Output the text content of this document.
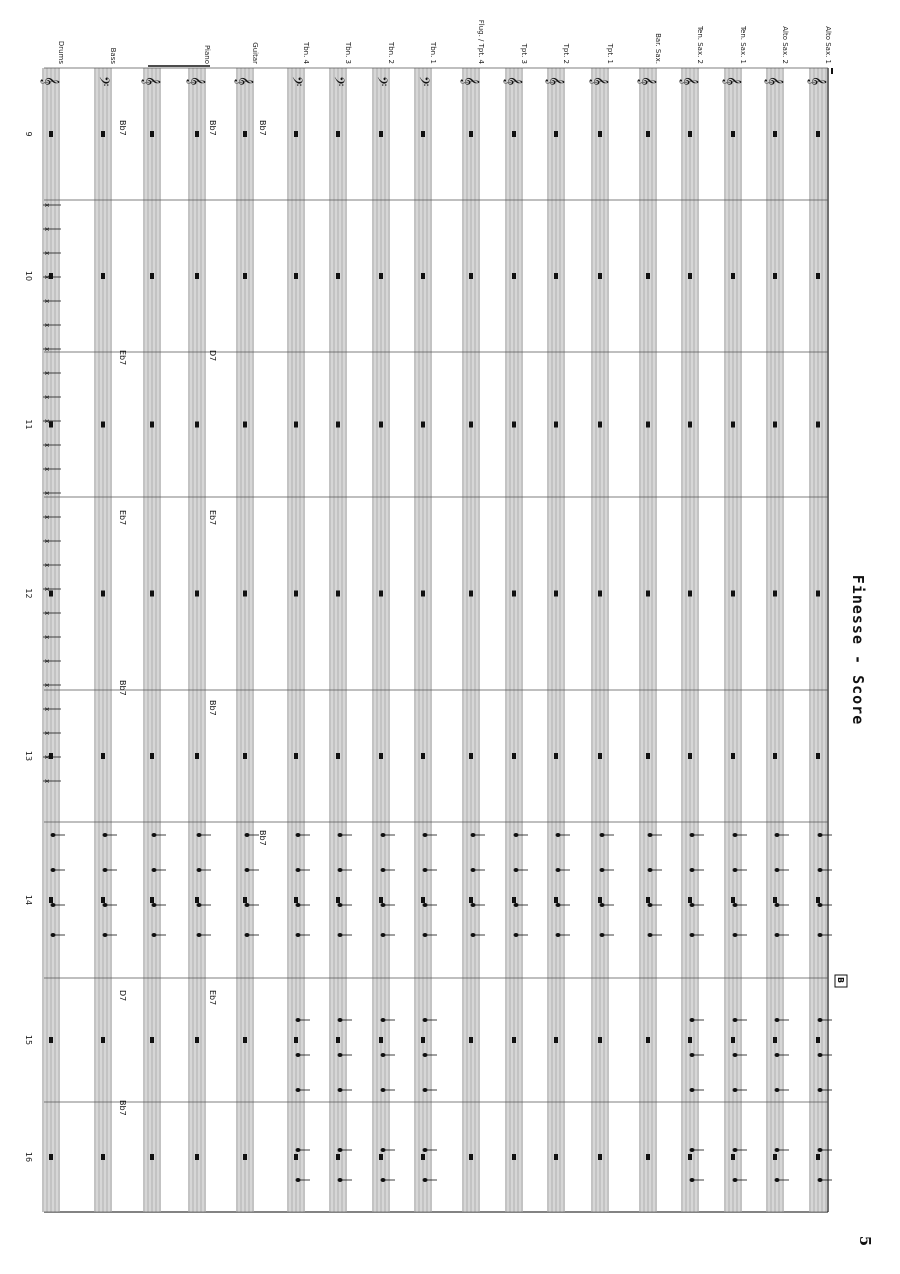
𝄞
Alto Sax. 1
𝄞
Alto Sax. 2
𝄞
Ten. Sax. 1
𝄞
Ten. Sax. 2
𝄞
Bar. Sax.
𝄞
Tpt. 1
𝄞
Tpt. 2
𝄞
Tpt. 3
𝄞
Flug. / Tpt. 4
𝄢
Tbn. 1
𝄢
Tbn. 2
𝄢
Tbn. 3
𝄢
Tbn. 4
𝄞
Guitar
𝄞
Piano
𝄞
𝄢
Bass
𝄞
Drums
9
10
11
12
13
14
15
16
Bb7	Bb7	Bb7
Eb7	D7
Eb7	Eb7
Bb7
Bb7
Bb7
D7	Eb7
Bb7
B
x
x
x
x
x
x
x
x
x
x
x
x
x
x
x
x
x
x
x
x
x
x
x
x
x
Finesse - Score
5
